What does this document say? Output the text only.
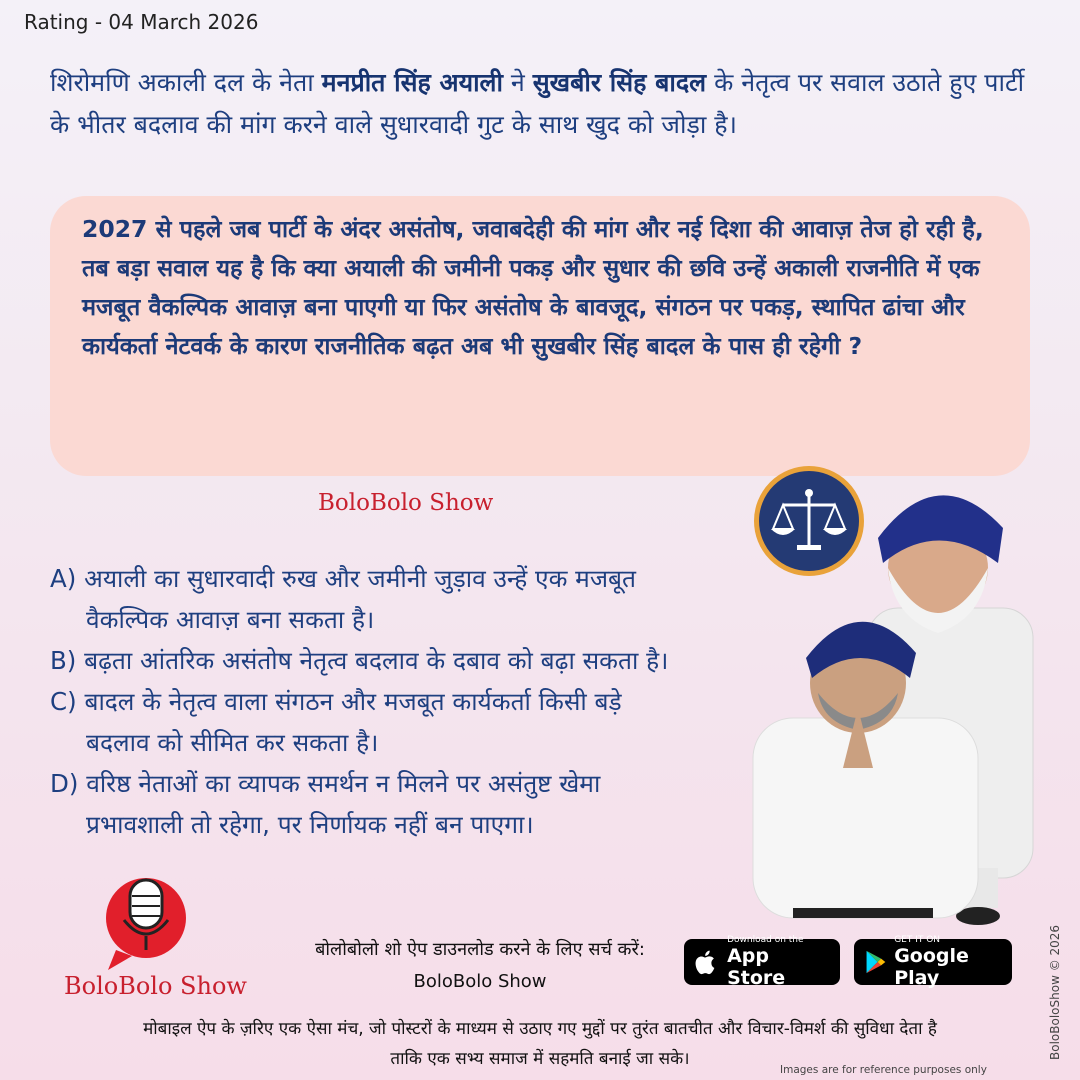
Rating - 04 March 2026
शिरोमणि अकाली दल के नेता मनप्रीत सिंह अयाली ने सुखबीर सिंह बादल के नेतृत्व पर सवाल उठाते हुए पार्टी के भीतर बदलाव की मांग करने वाले सुधारवादी गुट के साथ खुद को जोड़ा है।
2027 से पहले जब पार्टी के अंदर असंतोष, जवाबदेही की मांग और नई दिशा की आवाज़ तेज हो रही है, तब बड़ा सवाल यह है कि क्या अयाली की जमीनी पकड़ और सुधार की छवि उन्हें अकाली राजनीति में एक मजबूत वैकल्पिक आवाज़ बना पाएगी या फिर असंतोष के बावजूद, संगठन पर पकड़, स्थापित ढांचा और कार्यकर्ता नेटवर्क के कारण राजनीतिक बढ़त अब भी सुखबीर सिंह बादल के पास ही रहेगी ?
BoloBolo Show
A) अयाली का सुधारवादी रुख और जमीनी जुड़ाव उन्हें एक मजबूत
वैकल्पिक आवाज़ बना सकता है।
B) बढ़ता आंतरिक असंतोष नेतृत्व बदलाव के दबाव को बढ़ा सकता है।
C) बादल के नेतृत्व वाला संगठन और मजबूत कार्यकर्ता किसी बड़े
बदलाव को सीमित कर सकता है।
D) वरिष्ठ नेताओं का व्यापक समर्थन न मिलने पर असंतुष्ट खेमा
प्रभावशाली तो रहेगा, पर निर्णायक नहीं बन पाएगा।
BoloBolo Show
बोलोबोलो शो ऐप डाउनलोड करने के लिए सर्च करें:
BoloBolo Show
Download on the
App Store
GET IT ON
Google Play
मोबाइल ऐप के ज़रिए एक ऐसा मंच, जो पोस्टरों के माध्यम से उठाए गए मुद्दों पर तुरंत बातचीत और विचार-विमर्श की सुविधा देता है
ताकि एक सभ्य समाज में सहमति बनाई जा सके।
Images are for reference purposes only
BoloBoloShow © 2026
